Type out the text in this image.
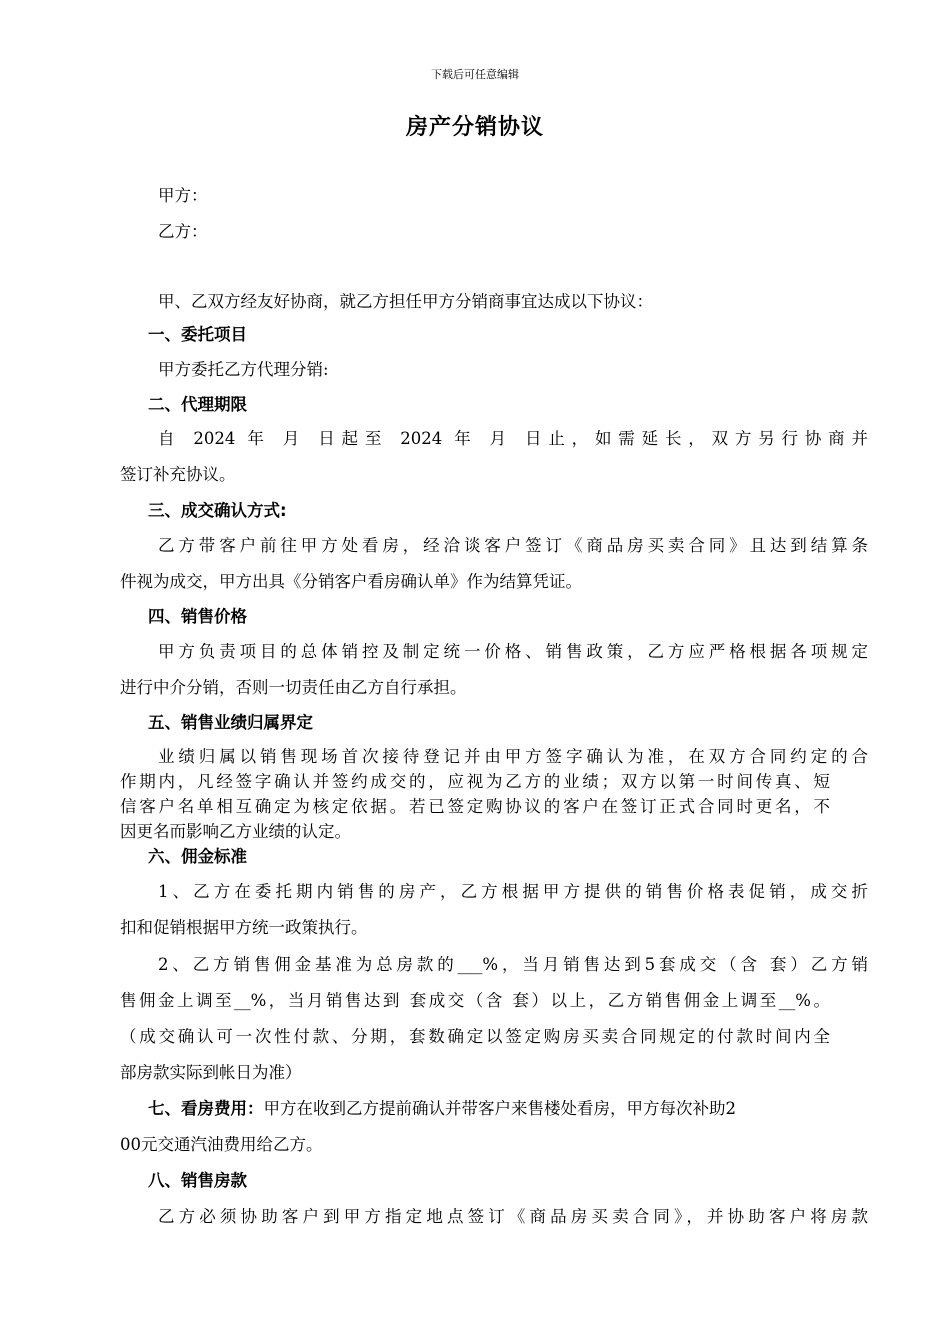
下载后可任意编辑
房产分销协议
甲方：
乙方：
甲、乙双方经友好协商，就乙方担任甲方分销商事宜达成以下协议：
一、委托项目
甲方委托乙方代理分销:
二、代理期限
自 2024 年 月 日起至 2024 年 月 日止，如需延长，双方另行协商并
签订补充协议。
三、成交确认方式:
乙方带客户前往甲方处看房，经洽谈客户签订《商品房买卖合同》且达到结算条
件视为成交，甲方出具《分销客户看房确认单》作为结算凭证。
四、销售价格
甲方负责项目的总体销控及制定统一价格、销售政策，乙方应严格根据各项规定
进行中介分销，否则一切责任由乙方自行承担。
五、销售业绩归属界定
业绩归属以销售现场首次接待登记并由甲方签字确认为准，在双方合同约定的合
作期内，凡经签字确认并签约成交的，应视为乙方的业绩；双方以第一时间传真、短
信客户名单相互确定为核定依据。若已签定购协议的客户在签订正式合同时更名，不
因更名而影响乙方业绩的认定。
六、佣金标准
1、乙方在委托期内销售的房产，乙方根据甲方提供的销售价格表促销，成交折
扣和促销根据甲方统一政策执行。
2、乙方销售佣金基准为总房款的___%，当月销售达到5套成交（含 套）乙方销
售佣金上调至__%，当月销售达到 套成交（含 套）以上，乙方销售佣金上调至__%。
（成交确认可一次性付款、分期，套数确定以签定购房买卖合同规定的付款时间内全
部房款实际到帐日为准）
七、看房费用：甲方在收到乙方提前确认并带客户来售楼处看房，甲方每次补助2
00元交通汽油费用给乙方。
八、销售房款
乙方必须协助客户到甲方指定地点签订《商品房买卖合同》，并协助客户将房款
